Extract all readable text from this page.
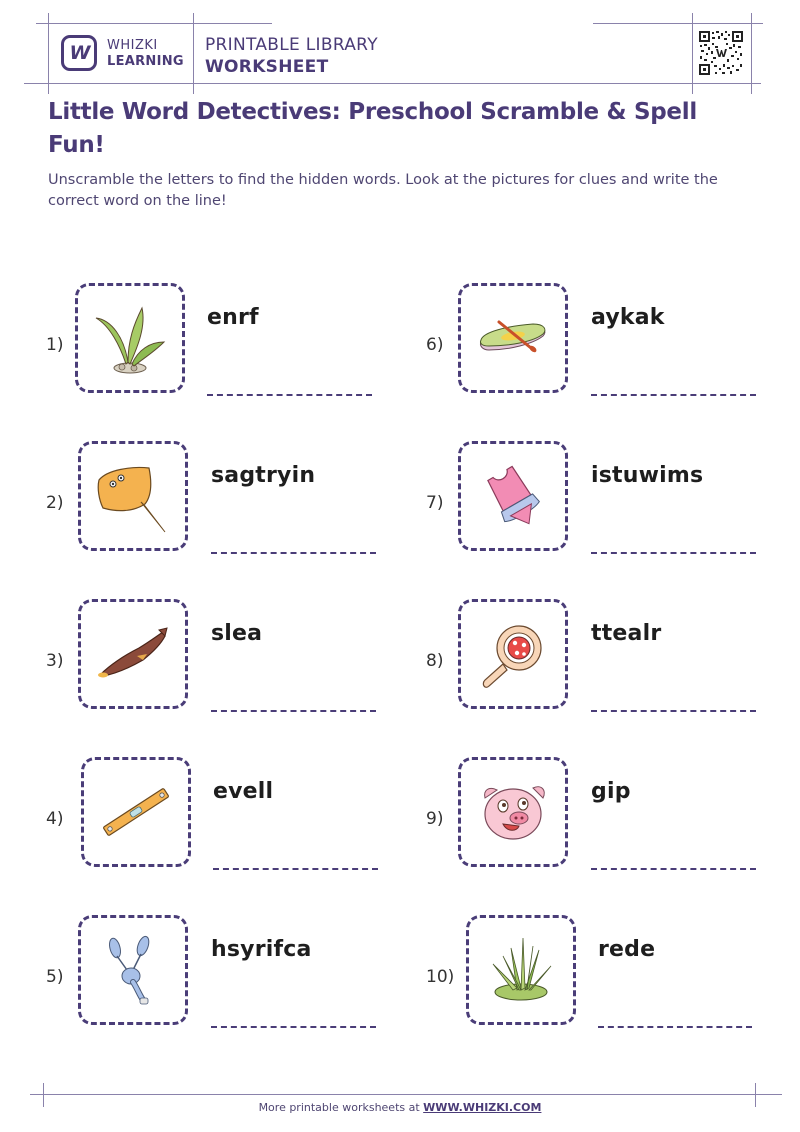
W WHIZKI
LEARNING
PRINTABLE LIBRARY
WORKSHEET
Little Word Detectives: Preschool Scramble & Spell Fun!
Unscramble the letters to find the hidden words. Look at the pictures for clues and write the correct word on the line!
1)
enrf
2)
sagtryin
3)
slea
4)
evell
5)
hsyrifca
6)
aykak
7)
istuwims
8)
ttealr
9)
gip
10)
rede
More printable worksheets at WWW.WHIZKI.COM
